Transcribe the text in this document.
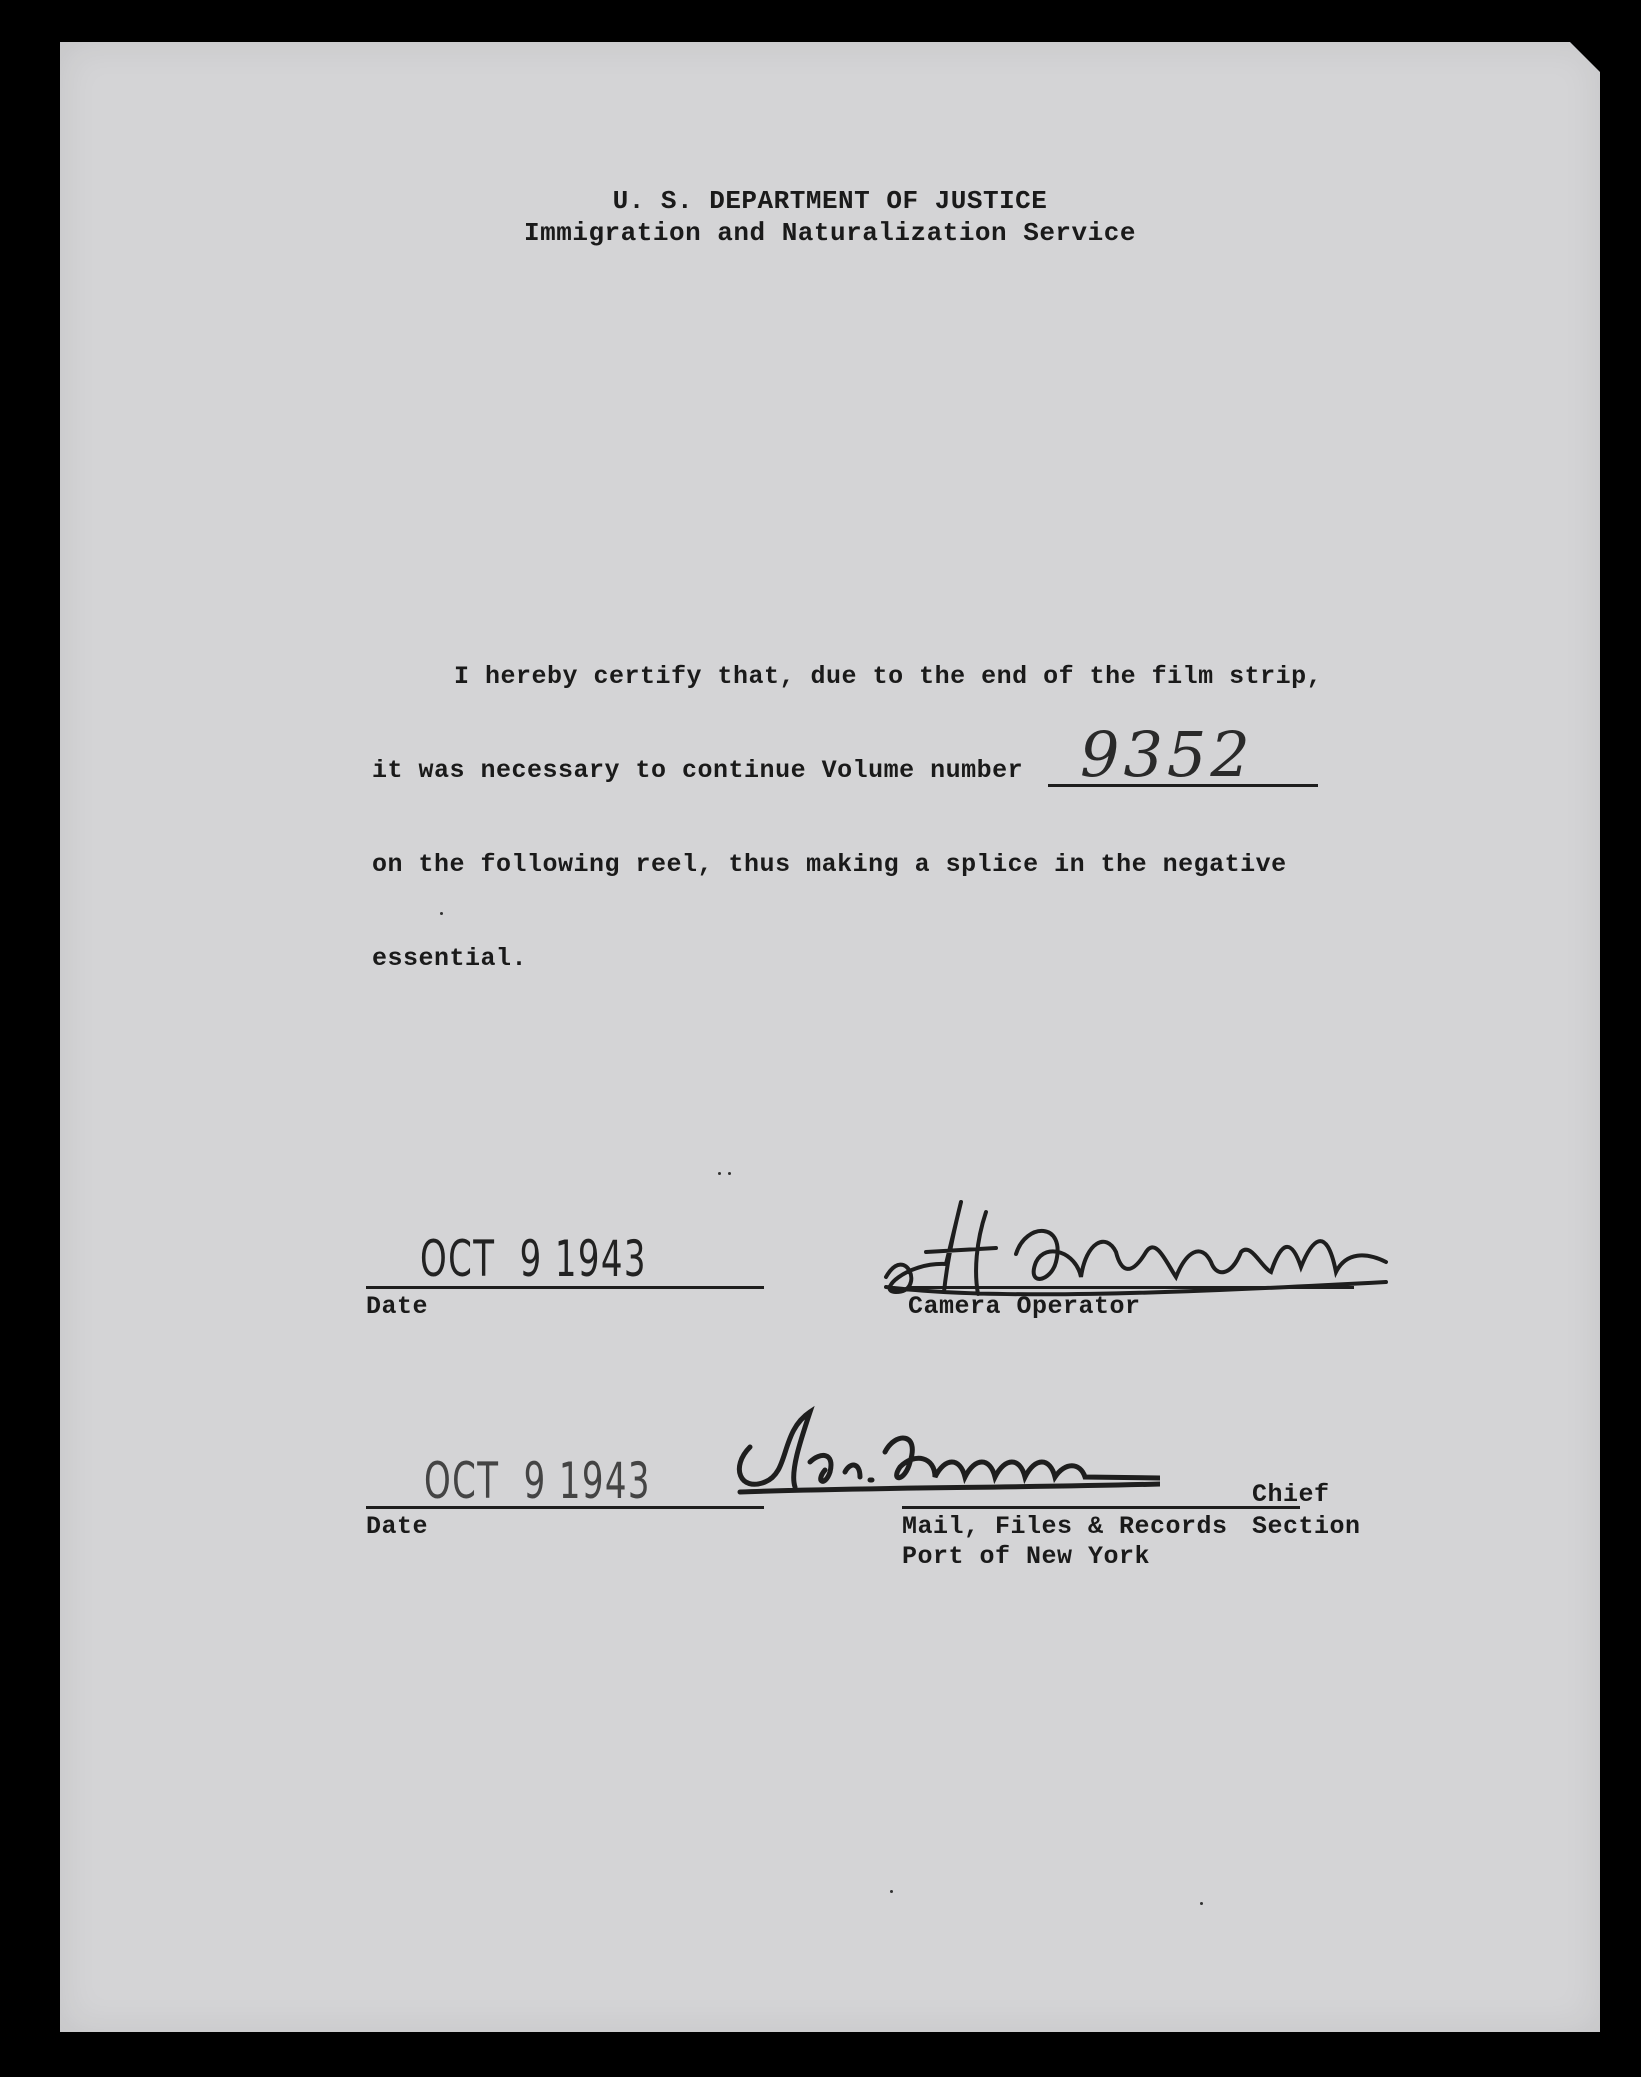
U. S. DEPARTMENT OF JUSTICE
Immigration and Naturalization Service
I hereby certify that, due to the end of the film strip,
it was necessary to continue Volume number 9352
on the following reel, thus making a splice in the negative
essential.
OCT  9 1943
Date	Camera Operator
OCT  9 1943
Date
Chief
Mail, Files & Records Section
Port of New York
